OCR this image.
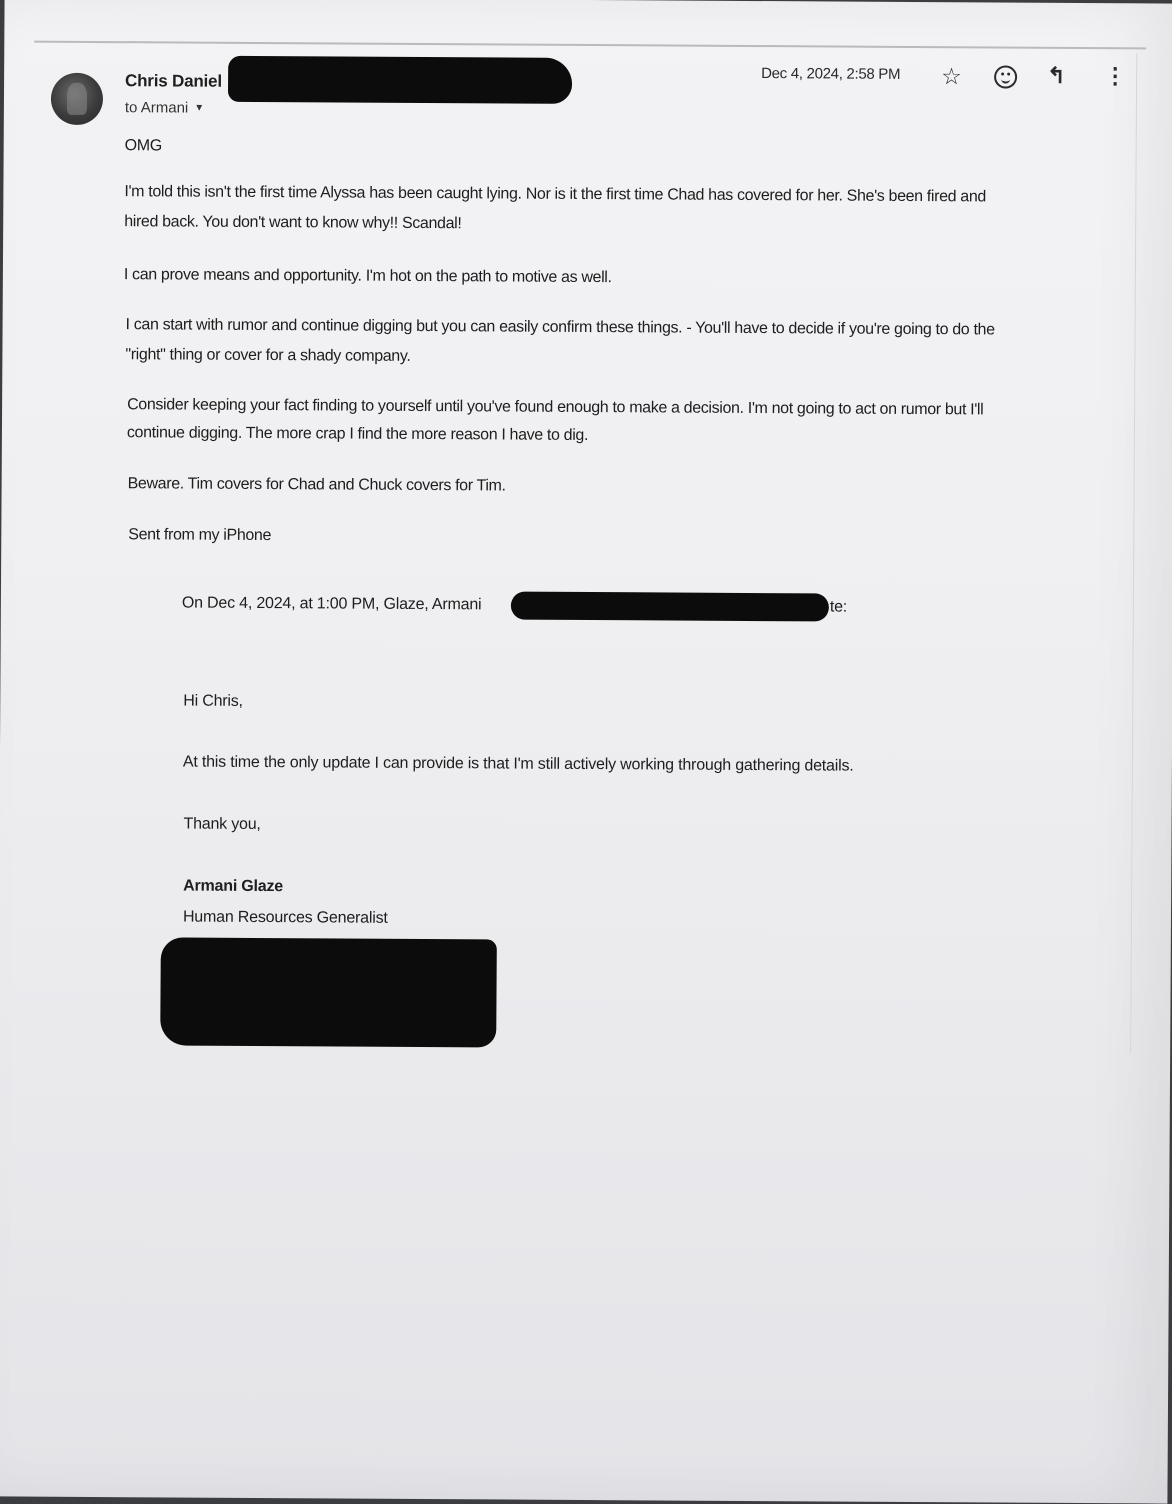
Chris Daniel
to Armani ▼
Dec 4, 2024, 2:58 PM ☆	↰ ⋮
OMG
I'm told this isn't the first time Alyssa has been caught lying. Nor is it the first time Chad has covered for her. She's been fired and
hired back. You don't want to know why!! Scandal!
I can prove means and opportunity. I'm hot on the path to motive as well.
I can start with rumor and continue digging but you can easily confirm these things. - You'll have to decide if you're going to do the
"right" thing or cover for a shady company.
Consider keeping your fact finding to yourself until you've found enough to make a decision. I'm not going to act on rumor but I'll
continue digging. The more crap I find the more reason I have to dig.
Beware. Tim covers for Chad and Chuck covers for Tim.
Sent from my iPhone
On Dec 4, 2024, at 1:00 PM, Glaze, Armani	te:
Hi Chris,
At this time the only update I can provide is that I'm still actively working through gathering details.
Thank you,
Armani Glaze
Human Resources Generalist
